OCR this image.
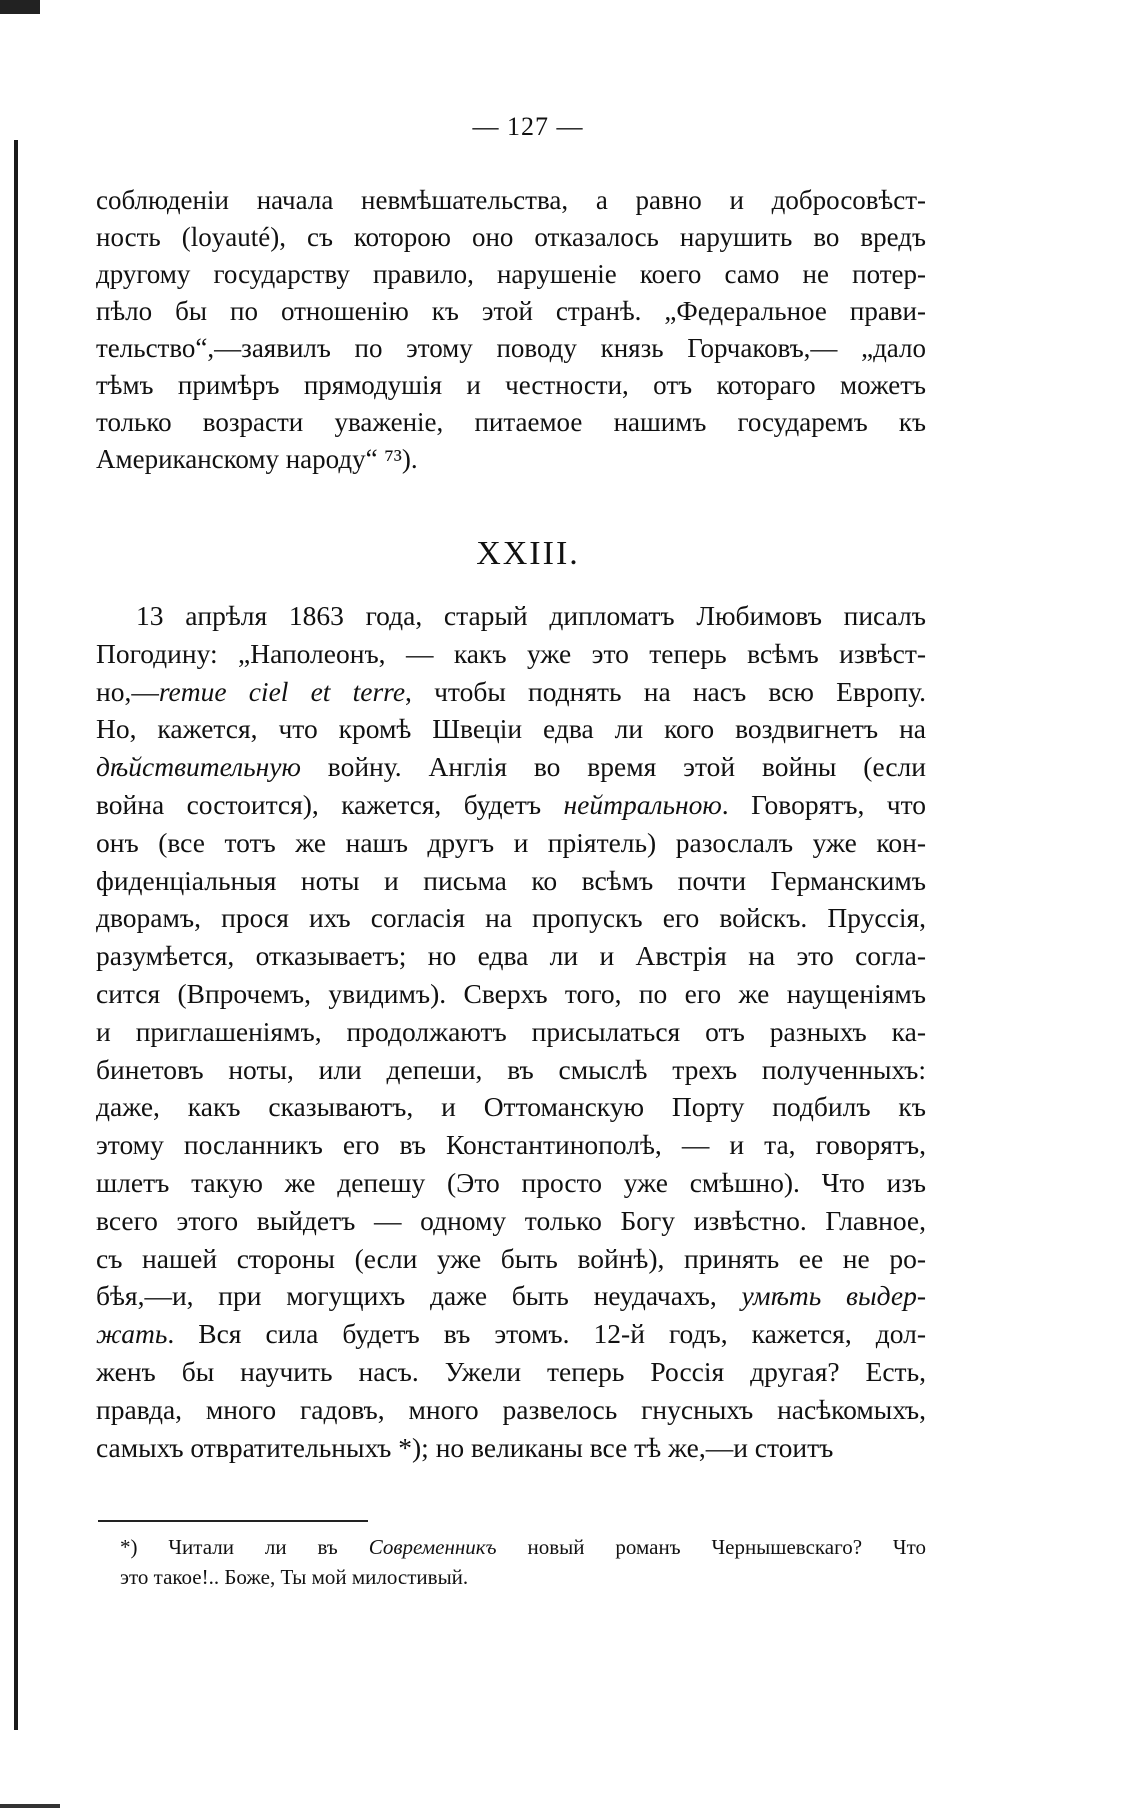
— 127 —
соблюденіи начала невмѣшательства, а равно и добросовѣст-
ность (loyauté), съ которою оно отказалось нарушить во вредъ
другому государству правило, нарушеніе коего само не потер-
пѣло бы по отношенію къ этой странѣ. „Федеральное прави-
тельство“,—заявилъ по этому поводу князь Горчаковъ,— „дало
тѣмъ примѣръ прямодушія и честности, отъ котораго можетъ
только возрасти уваженіе, питаемое нашимъ государемъ къ
Американскому народу“ ⁷³).
XXIII.
13 aпрѣля 1863 года, старый дипломатъ Любимовъ писалъ
Погодину: „Наполеонъ, — какъ уже это теперь всѣмъ извѣст-
но,—remue ciel et terre, чтобы поднять на насъ всю Европу.
Но, кажется, что кромѣ Швеціи едва ли кого воздвигнетъ на
дѣйствительную войну. Англія во время этой войны (если
война состоится), кажется, будетъ нейтральною. Говорятъ, что
онъ (все тотъ же нашъ другъ и пріятель) разослалъ уже кон-
фиденціальныя ноты и письма ко всѣмъ почти Германскимъ
дворамъ, прося ихъ согласія на пропускъ его войскъ. Пруссія,
разумѣется, отказываетъ; но едва ли и Австрія на это согла-
сится (Впрочемъ, увидимъ). Сверхъ того, по его же наущеніямъ
и приглашеніямъ, продолжаютъ присылаться отъ разныхъ ка-
бинетовъ ноты, или депеши, въ смыслѣ трехъ полученныхъ:
даже, какъ сказываютъ, и Оттоманскую Порту подбилъ къ
этому посланникъ его въ Константинополѣ, — и та, говорятъ,
шлетъ такую же депешу (Это просто уже смѣшно). Что изъ
всего этого выйдетъ — одному только Богу извѣстно. Главное,
съ нашей стороны (если уже быть войнѣ), принять ее не ро-
бѣя,—и, при могущихъ даже быть неудачахъ, умѣть выдер-
жать. Вся сила будетъ въ этомъ. 12-й годъ, кажется, дол-
женъ бы научить насъ. Ужели теперь Россія другая? Есть,
правда, много гадовъ, много развелось гнусныхъ насѣкомыхъ,
самыхъ отвратительныхъ *); но великаны все тѣ же,—и стоитъ
*) Читали ли въ Современникъ новый романъ Чернышевскаго? Что
это такое!.. Боже, Ты мой милостивый.
